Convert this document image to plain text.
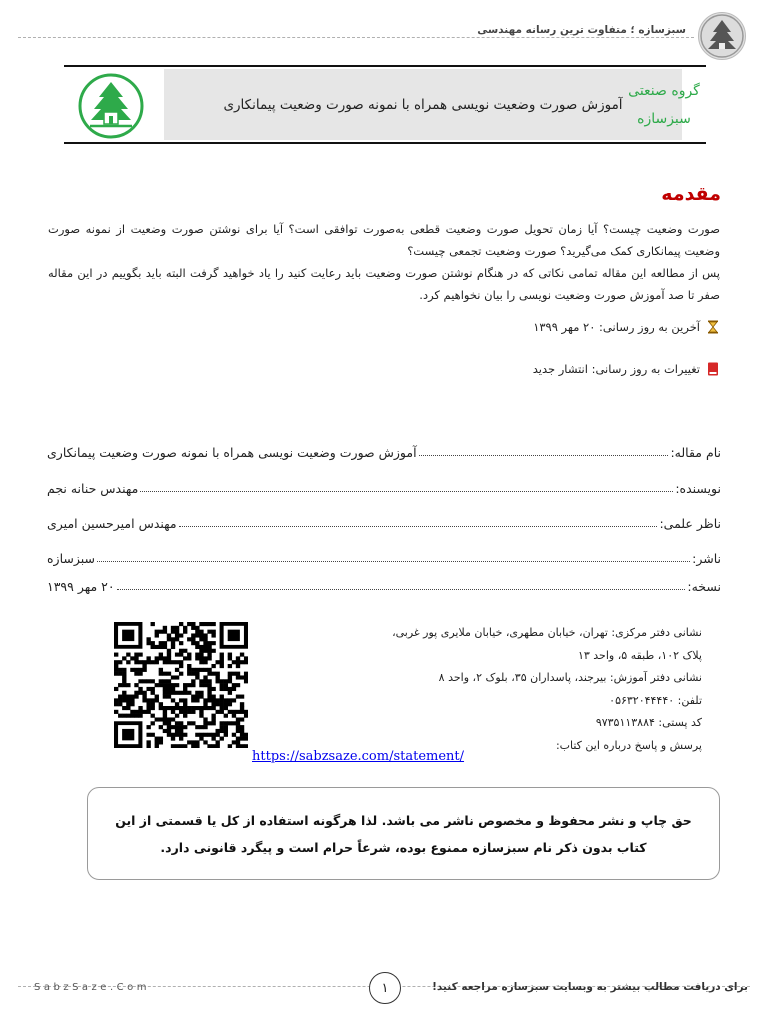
سبزسازه ؛ متفاوت ترین رسانه مهندسی
آموزش صورت وضعیت نویسی همراه با نمونه صورت وضعیت پیمانکاری
گروه صنعتی
سبزسازه
مقدمه
صورت وضعیت چیست؟ آیا زمان تحویل صورت وضعیت قطعی به‌صورت توافقی است؟ آیا برای نوشتن صورت وضعیت از نمونه صورت وضعیت پیمانکاری کمک می‌گیرید؟ صورت وضعیت تجمعی چیست؟
پس از مطالعه این مقاله تمامی نکاتی که در هنگام نوشتن صورت وضعیت باید رعایت کنید را یاد خواهید گرفت البته باید بگوییم در این مقاله صفر تا صد آموزش صورت وضعیت نویسی را بیان نخواهیم کرد.
آخرین به روز رسانی: ۲۰ مهر ۱۳۹۹
تغییرات به روز رسانی: انتشار جدید
نام مقاله:
آموزش صورت وضعیت نویسی همراه با نمونه صورت وضعیت پیمانکاری
نویسنده:
مهندس حنانه نجم
ناظر علمی:
مهندس امیرحسین امیری
ناشر:
سبزسازه
نسخه:
۲۰ مهر ۱۳۹۹
نشانی دفتر مرکزی: تهران، خیابان مطهری، خیابان ملایری پور غربی،
پلاک ۱۰۲، طبقه ۵، واحد ۱۳
نشانی دفتر آموزش: بیرجند، پاسداران ۳۵، بلوک ۲، واحد ۸
تلفن: ۰۵۶۳۲۰۴۴۴۴۰
کد پستی: ۹۷۳۵۱۱۳۸۸۴
پرسش و پاسخ درباره این کتاب:
https://sabzsaze.com/statement/
حق چاپ و نشر محفوظ و مخصوص ناشر می باشد. لذا هرگونه استفاده از کل یا قسمتی از این کتاب بدون ذکر نام سبزسازه ممنوع بوده، شرعاً حرام است و پیگرد قانونی دارد.
SabzSaze.Com	۱	برای دریافت مطالب بیشتر به وبسایت سبزسازه مراجعه کنید!
